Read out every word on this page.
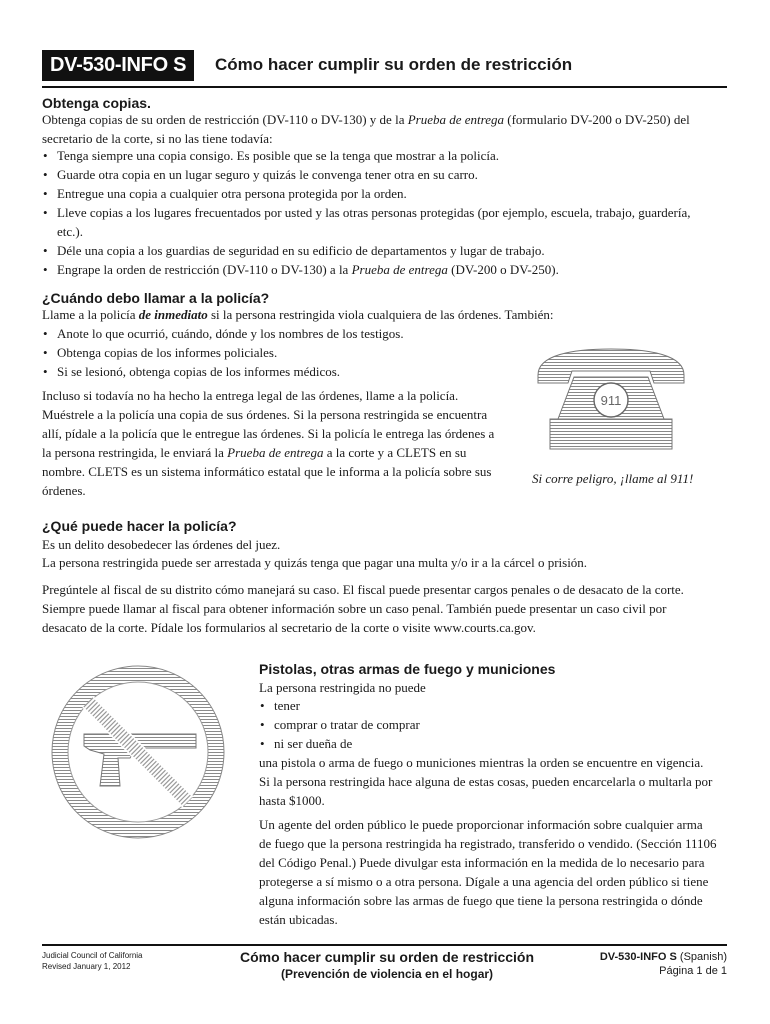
DV-530-INFO S	Cómo hacer cumplir su orden de restricción
Obtenga copias.
Obtenga copias de su orden de restricción (DV-110 o DV-130) y de la Prueba de entrega (formulario DV-200 o DV-250) del secretario de la corte, si no las tiene todavía:
• Tenga siempre una copia consigo. Es posible que se la tenga que mostrar a la policía.
• Guarde otra copia en un lugar seguro y quizás le convenga tener otra en su carro.
• Entregue una copia a cualquier otra persona protegida por la orden.
• Lleve copias a los lugares frecuentados por usted y las otras personas protegidas (por ejemplo, escuela, trabajo, guardería, etc.).
• Déle una copia a los guardias de seguridad en su edificio de departamentos y lugar de trabajo.
• Engrape la orden de restricción (DV-110 o DV-130) a la Prueba de entrega (DV-200 o DV-250).
¿Cuándo debo llamar a la policía?
Llame a la policía de inmediato si la persona restringida viola cualquiera de las órdenes. También:
• Anote lo que ocurrió, cuándo, dónde y los nombres de los testigos.
• Obtenga copias de los informes policiales.
• Si se lesionó, obtenga copias de los informes médicos.
Incluso si todavía no ha hecho la entrega legal de las órdenes, llame a la policía. Muéstrele a la policía una copia de sus órdenes. Si la persona restringida se encuentra allí, pídale a la policía que le entregue las órdenes. Si la policía le entrega las órdenes a la persona restringida, le enviará la Prueba de entrega a la corte y a CLETS en su nombre. CLETS es un sistema informático estatal que le informa a la policía sobre sus órdenes.
911
Si corre peligro, ¡llame al 911!
¿Qué puede hacer la policía?
Es un delito desobedecer las órdenes del juez.
La persona restringida puede ser arrestada y quizás tenga que pagar una multa y/o ir a la cárcel o prisión.
Pregúntele al fiscal de su distrito cómo manejará su caso. El fiscal puede presentar cargos penales o de desacato de la corte. Siempre puede llamar al fiscal para obtener información sobre un caso penal. También puede presentar un caso civil por desacato de la corte. Pídale los formularios al secretario de la corte o visite www.courts.ca.gov.
Pistolas, otras armas de fuego y municiones
La persona restringida no puede
• tener
• comprar o tratar de comprar
• ni ser dueña de
una pistola o arma de fuego o municiones mientras la orden se encuentre en vigencia. Si la persona restringida hace alguna de estas cosas, pueden encarcelarla o multarla por hasta $1000.
Un agente del orden público le puede proporcionar información sobre cualquier arma de fuego que la persona restringida ha registrado, transferido o vendido. (Sección 11106 del Código Penal.) Puede divulgar esta información en la medida de lo necesario para protegerse a sí mismo o a otra persona. Dígale a una agencia del orden público si tiene alguna información sobre las armas de fuego que tiene la persona restringida o dónde están ubicadas.
Judicial Council of California
Revised January 1, 2012
Cómo hacer cumplir su orden de restricción
(Prevención de violencia en el hogar)
DV-530-INFO S (Spanish)
Página 1 de 1
